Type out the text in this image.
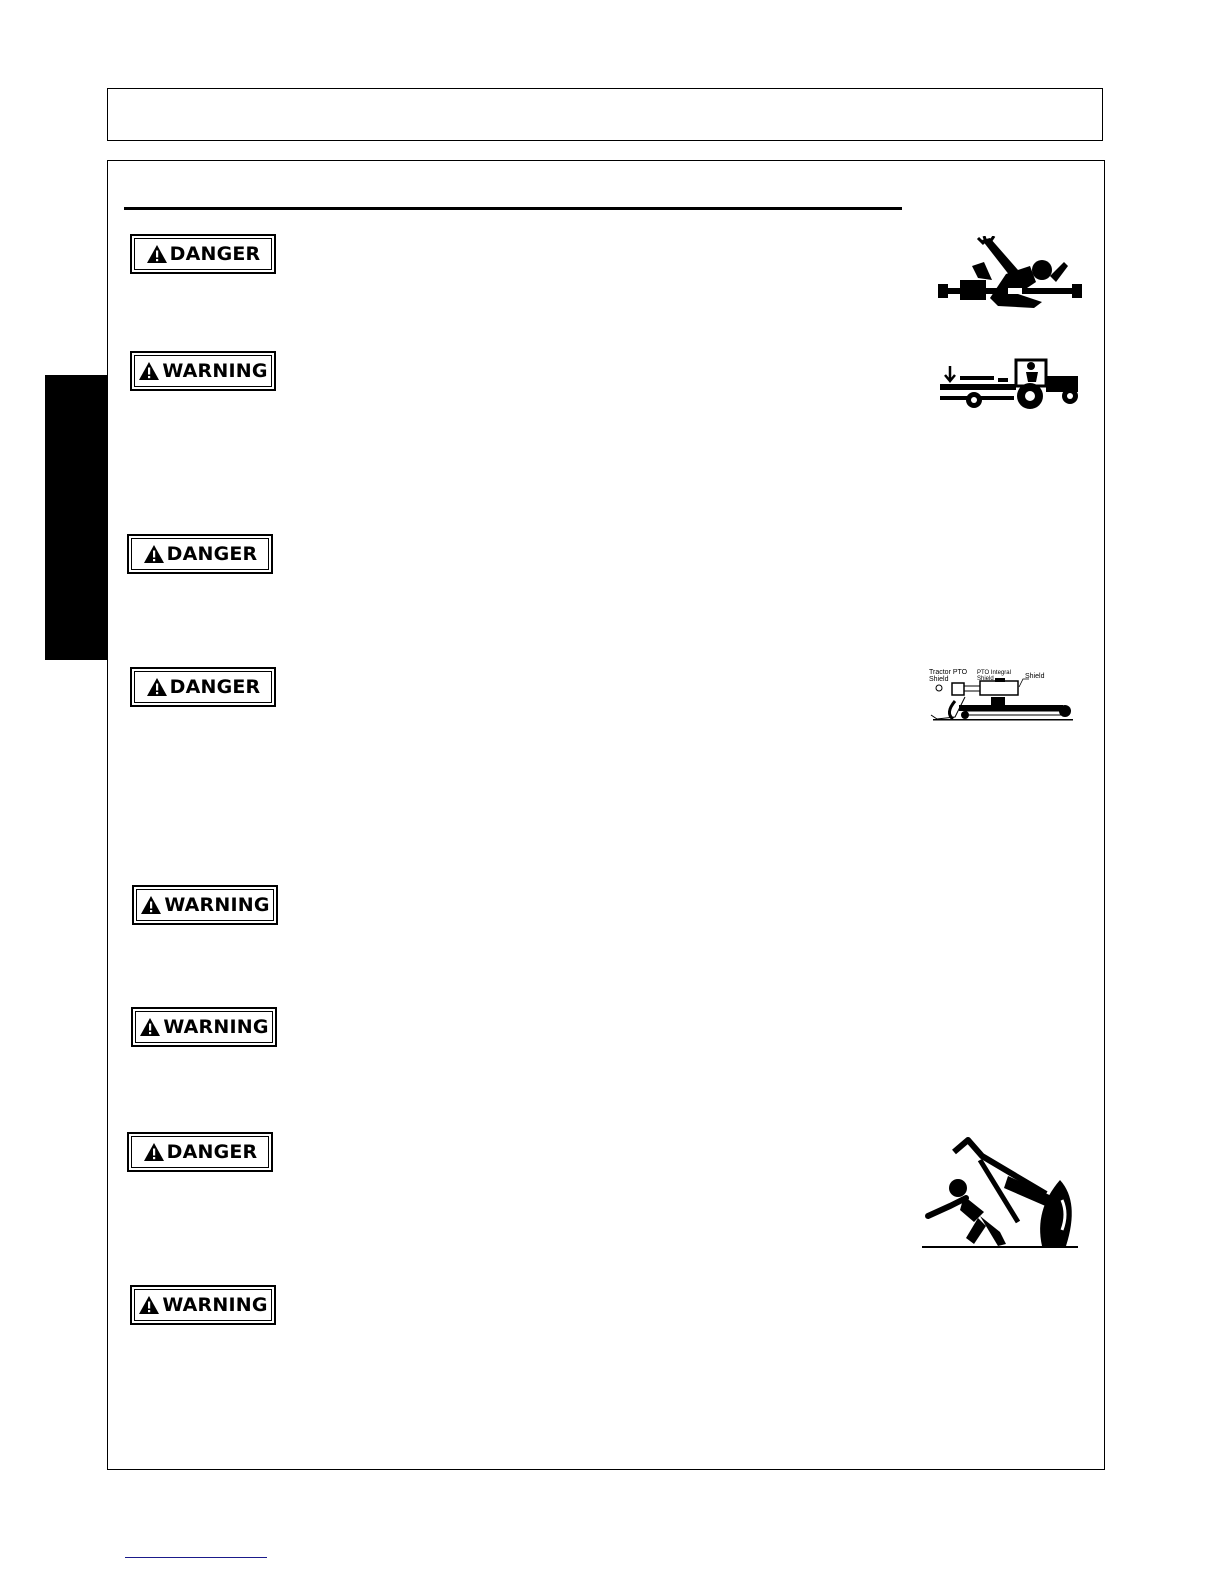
DANGER
WARNING
DANGER
DANGER
WARNING
WARNING
DANGER
WARNING
Tractor PTO
Shield
PTO Integral
Shield	Shield
